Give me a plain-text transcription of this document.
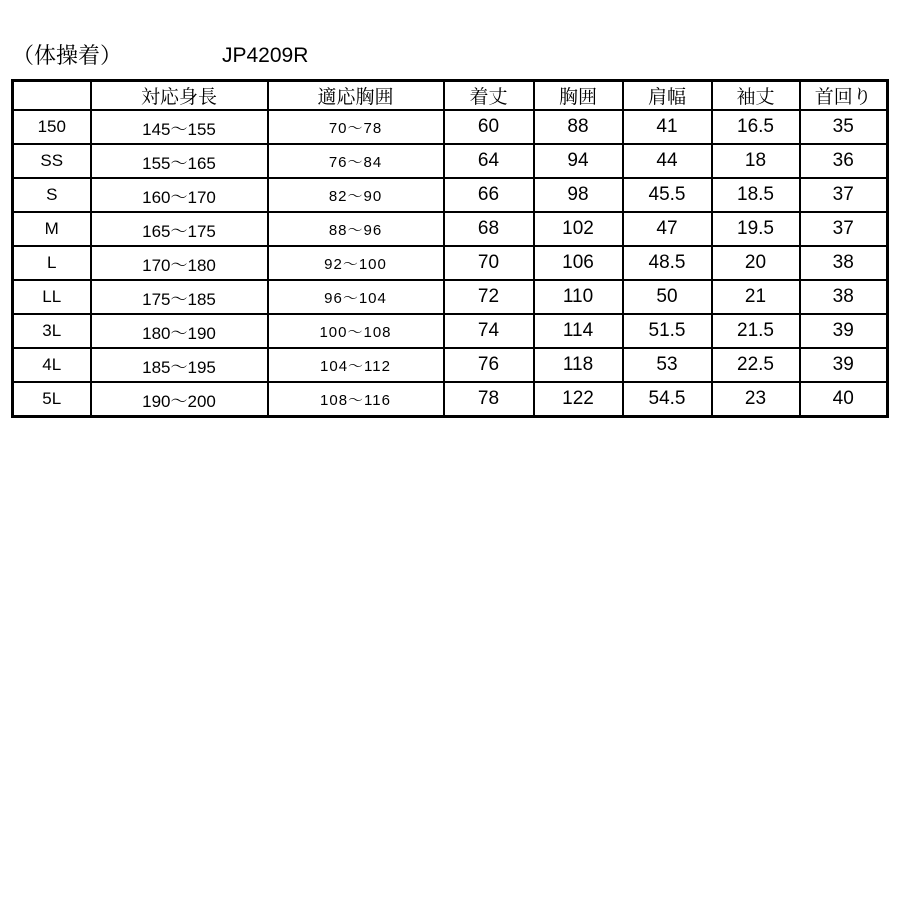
（体操着）	JP4209R
	対応身長	適応胸囲	着丈	胸囲	肩幅	袖丈	首回り
150	145～155	70～78	60	88	41	16.5	35
SS	155～165	76～84	64	94	44	18	36
S	160～170	82～90	66	98	45.5	18.5	37
M	165～175	88～96	68	102	47	19.5	37
L	170～180	92～100	70	106	48.5	20	38
LL	175～185	96～104	72	110	50	21	38
3L	180～190	100～108	74	114	51.5	21.5	39
4L	185～195	104～112	76	118	53	22.5	39
5L	190～200	108～116	78	122	54.5	23	40
